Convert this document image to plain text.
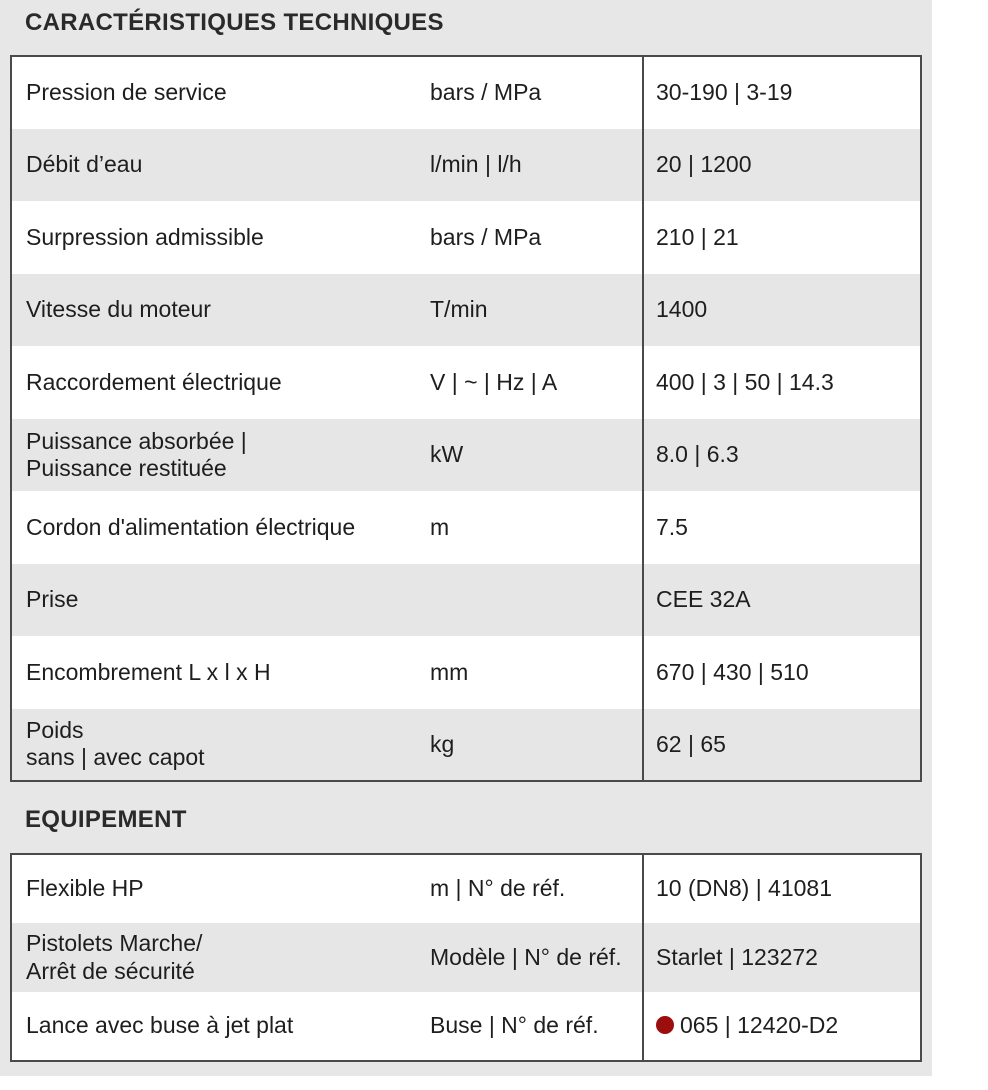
CARACTÉRISTIQUES TECHNIQUES
Pression de service	bars / MPa	30-190 | 3-19
Débit d’eau	l/min | l/h	20 | 1200
Surpression admissible	bars / MPa	210 | 21
Vitesse du moteur	T/min	1400
Raccordement électrique	V | ~ | Hz | A	400 | 3 | 50 | 14.3
Puissance absorbée |
Puissance restituée	kW	8.0 | 6.3
Cordon d'alimentation électrique	m	7.5
Prise		CEE 32A
Encombrement L x l x H	mm	670 | 430 | 510
Poids
sans | avec capot	kg	62 | 65
EQUIPEMENT
Flexible HP	m | N° de réf.	10 (DN8) | 41081
Pistolets Marche/
Arrêt de sécurité	Modèle | N° de réf.	Starlet | 123272
Lance avec buse à jet plat	Buse | N° de réf.	065 | 12420-D2
